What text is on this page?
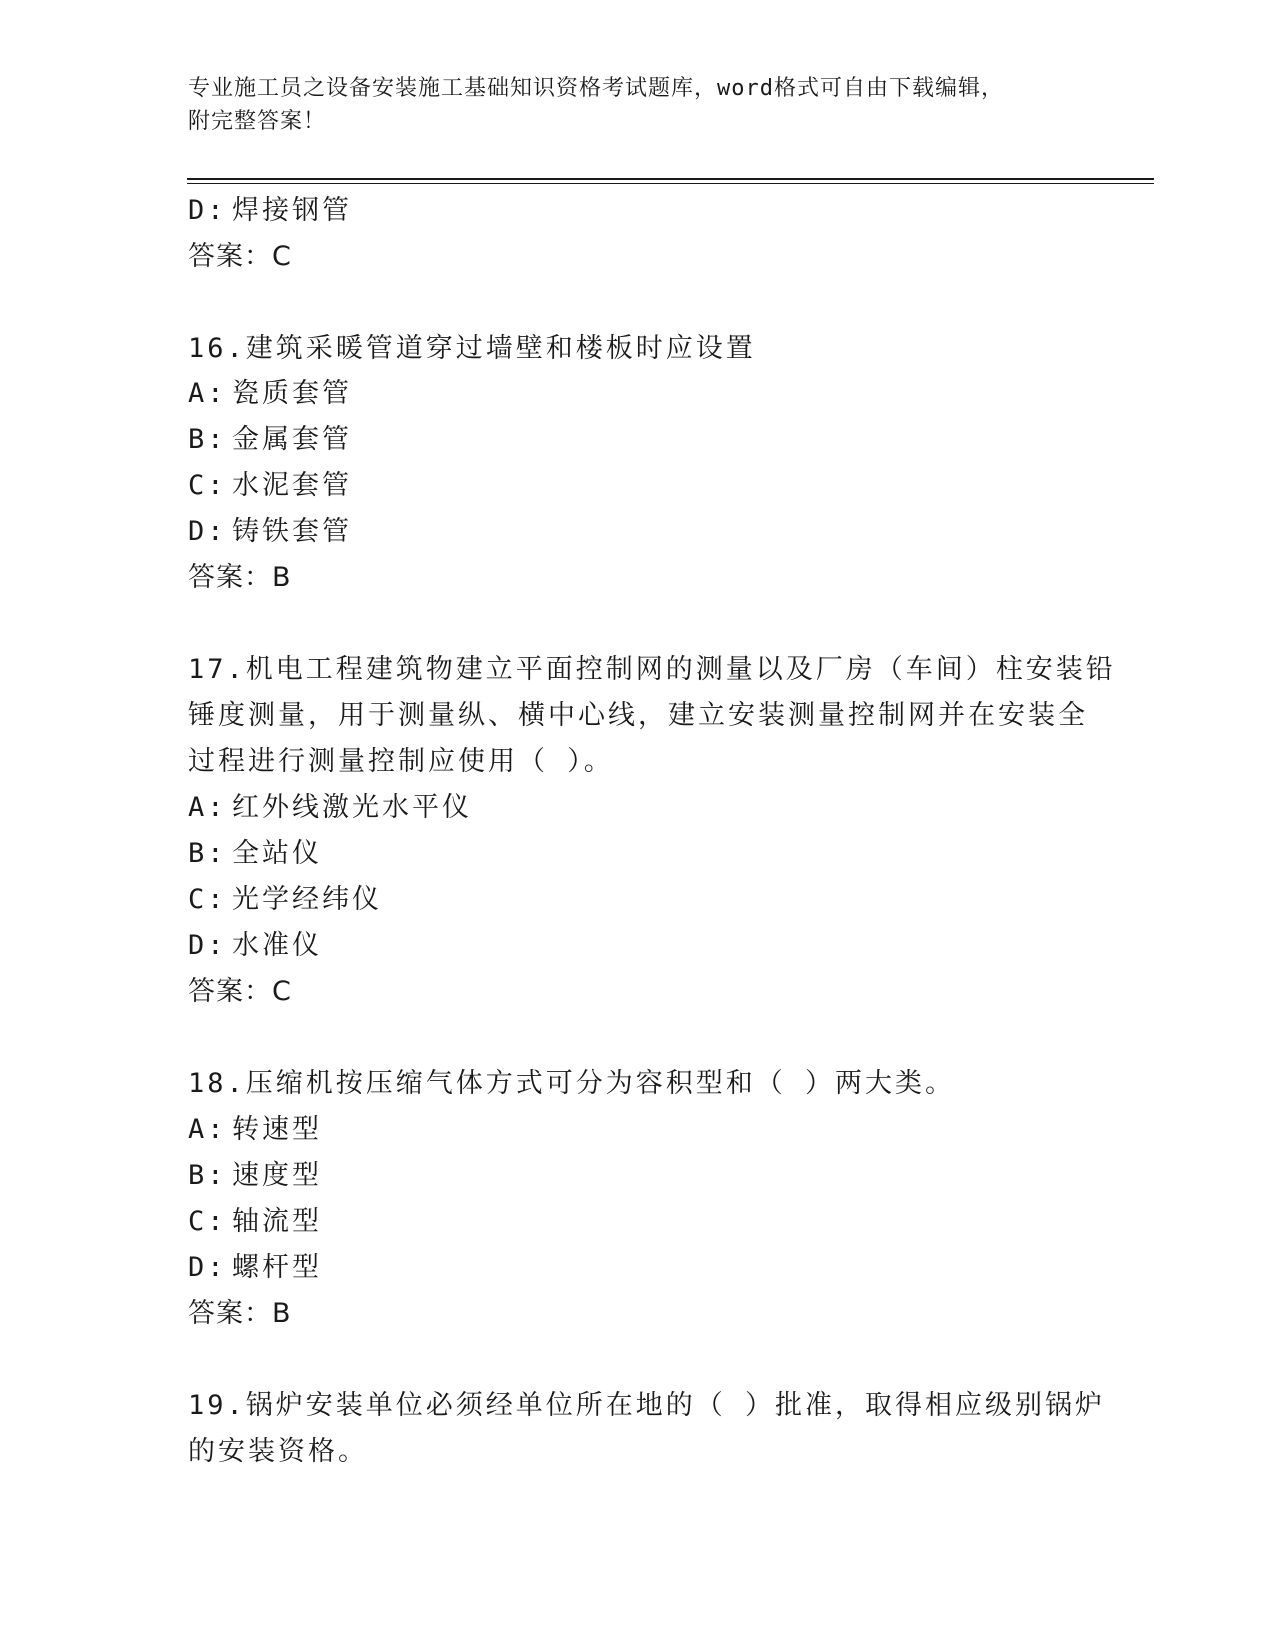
专业施工员之设备安装施工基础知识资格考试题库，word格式可自由下载编辑，
附完整答案！
D: 焊接钢管
答案：C
16.建筑采暖管道穿过墙壁和楼板时应设置
A: 瓷质套管
B: 金属套管
C: 水泥套管
D: 铸铁套管
答案：B
17.机电工程建筑物建立平面控制网的测量以及厂房（车间）柱安装铅
锤度测量，用于测量纵、横中心线，建立安装测量控制网并在安装全
过程进行测量控制应使用（ ）。
A: 红外线激光水平仪
B: 全站仪
C: 光学经纬仪
D: 水准仪
答案：C
18.压缩机按压缩气体方式可分为容积型和（ ）两大类。
A: 转速型
B: 速度型
C: 轴流型
D: 螺杆型
答案：B
19.锅炉安装单位必须经单位所在地的（ ）批准，取得相应级别锅炉
的安装资格。
